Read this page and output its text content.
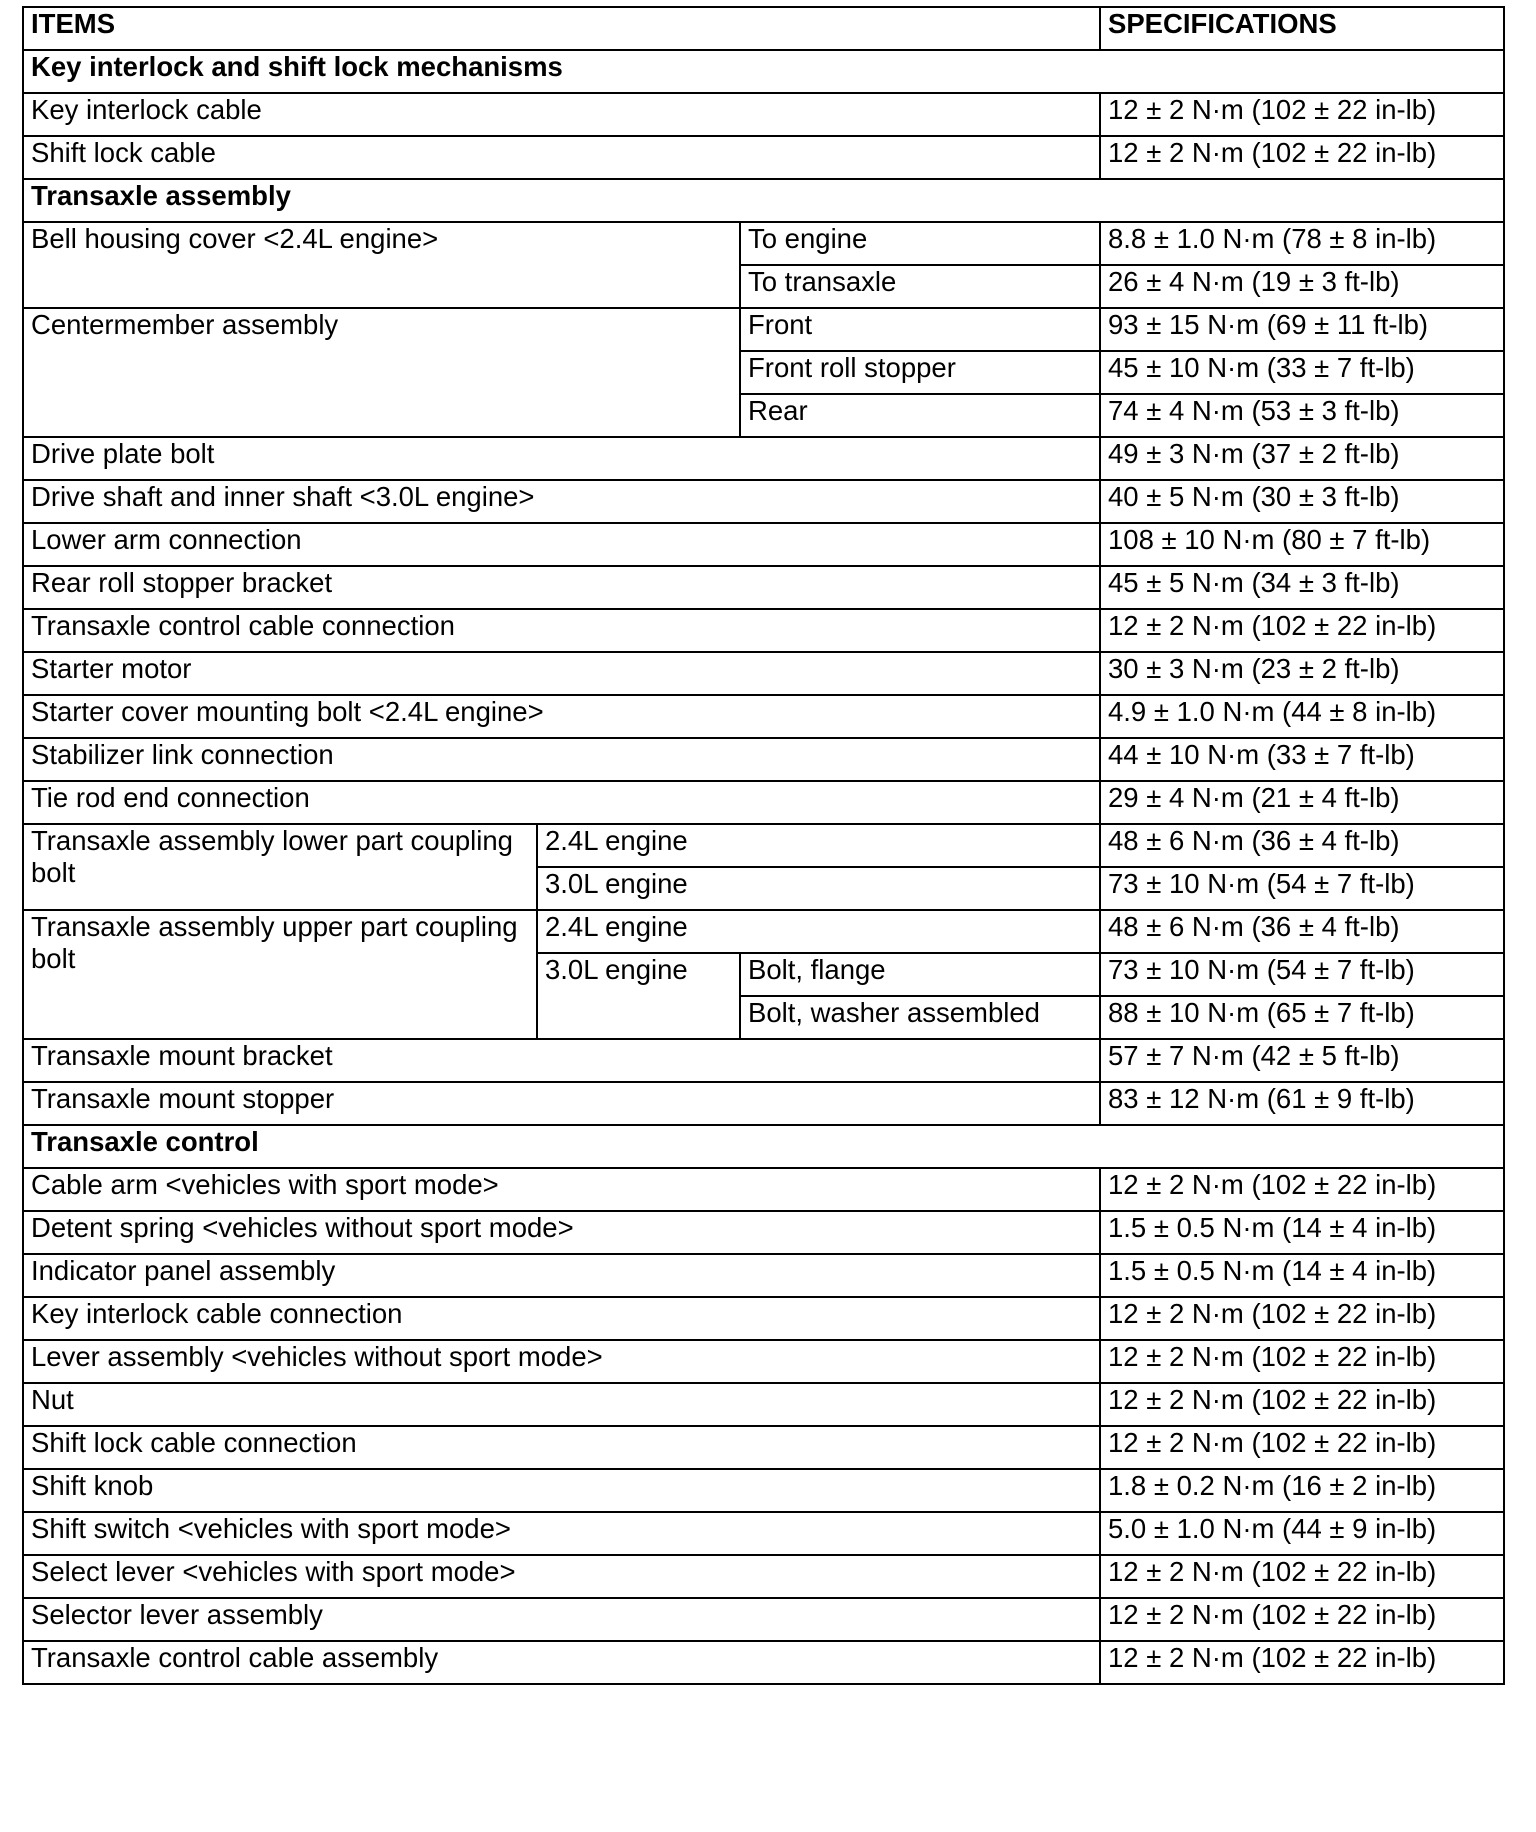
ITEMS			SPECIFICATIONS
Key interlock and shift lock mechanisms			
Key interlock cable			12 ± 2 N·m (102 ± 22 in-lb)
Shift lock cable			12 ± 2 N·m (102 ± 22 in-lb)
Transaxle assembly			
Bell housing cover <2.4L engine>		To engine	8.8 ± 1.0 N·m (78 ± 8 in-lb)
		To transaxle	26 ± 4 N·m (19 ± 3 ft-lb)
Centermember assembly		Front	93 ± 15 N·m (69 ± 11 ft-lb)
		Front roll stopper	45 ± 10 N·m (33 ± 7 ft-lb)
		Rear	74 ± 4 N·m (53 ± 3 ft-lb)
Drive plate bolt			49 ± 3 N·m (37 ± 2 ft-lb)
Drive shaft and inner shaft <3.0L engine>			40 ± 5 N·m (30 ± 3 ft-lb)
Lower arm connection			108 ± 10 N·m (80 ± 7 ft-lb)
Rear roll stopper bracket			45 ± 5 N·m (34 ± 3 ft-lb)
Transaxle control cable connection			12 ± 2 N·m (102 ± 22 in-lb)
Starter motor			30 ± 3 N·m (23 ± 2 ft-lb)
Starter cover mounting bolt <2.4L engine>			4.9 ± 1.0 N·m (44 ± 8 in-lb)
Stabilizer link connection			44 ± 10 N·m (33 ± 7 ft-lb)
Tie rod end connection			29 ± 4 N·m (21 ± 4 ft-lb)
Transaxle assembly lower part coupling bolt	2.4L engine		48 ± 6 N·m (36 ± 4 ft-lb)
	3.0L engine		73 ± 10 N·m (54 ± 7 ft-lb)
Transaxle assembly upper part coupling bolt	2.4L engine		48 ± 6 N·m (36 ± 4 ft-lb)
	3.0L engine	Bolt, flange	73 ± 10 N·m (54 ± 7 ft-lb)
		Bolt, washer assembled	88 ± 10 N·m (65 ± 7 ft-lb)
Transaxle mount bracket			57 ± 7 N·m (42 ± 5 ft-lb)
Transaxle mount stopper			83 ± 12 N·m (61 ± 9 ft-lb)
Transaxle control			
Cable arm <vehicles with sport mode>			12 ± 2 N·m (102 ± 22 in-lb)
Detent spring <vehicles without sport mode>			1.5 ± 0.5 N·m (14 ± 4 in-lb)
Indicator panel assembly			1.5 ± 0.5 N·m (14 ± 4 in-lb)
Key interlock cable connection			12 ± 2 N·m (102 ± 22 in-lb)
Lever assembly <vehicles without sport mode>			12 ± 2 N·m (102 ± 22 in-lb)
Nut			12 ± 2 N·m (102 ± 22 in-lb)
Shift lock cable connection			12 ± 2 N·m (102 ± 22 in-lb)
Shift knob			1.8 ± 0.2 N·m (16 ± 2 in-lb)
Shift switch <vehicles with sport mode>			5.0 ± 1.0 N·m (44 ± 9 in-lb)
Select lever <vehicles with sport mode>			12 ± 2 N·m (102 ± 22 in-lb)
Selector lever assembly			12 ± 2 N·m (102 ± 22 in-lb)
Transaxle control cable assembly			12 ± 2 N·m (102 ± 22 in-lb)
